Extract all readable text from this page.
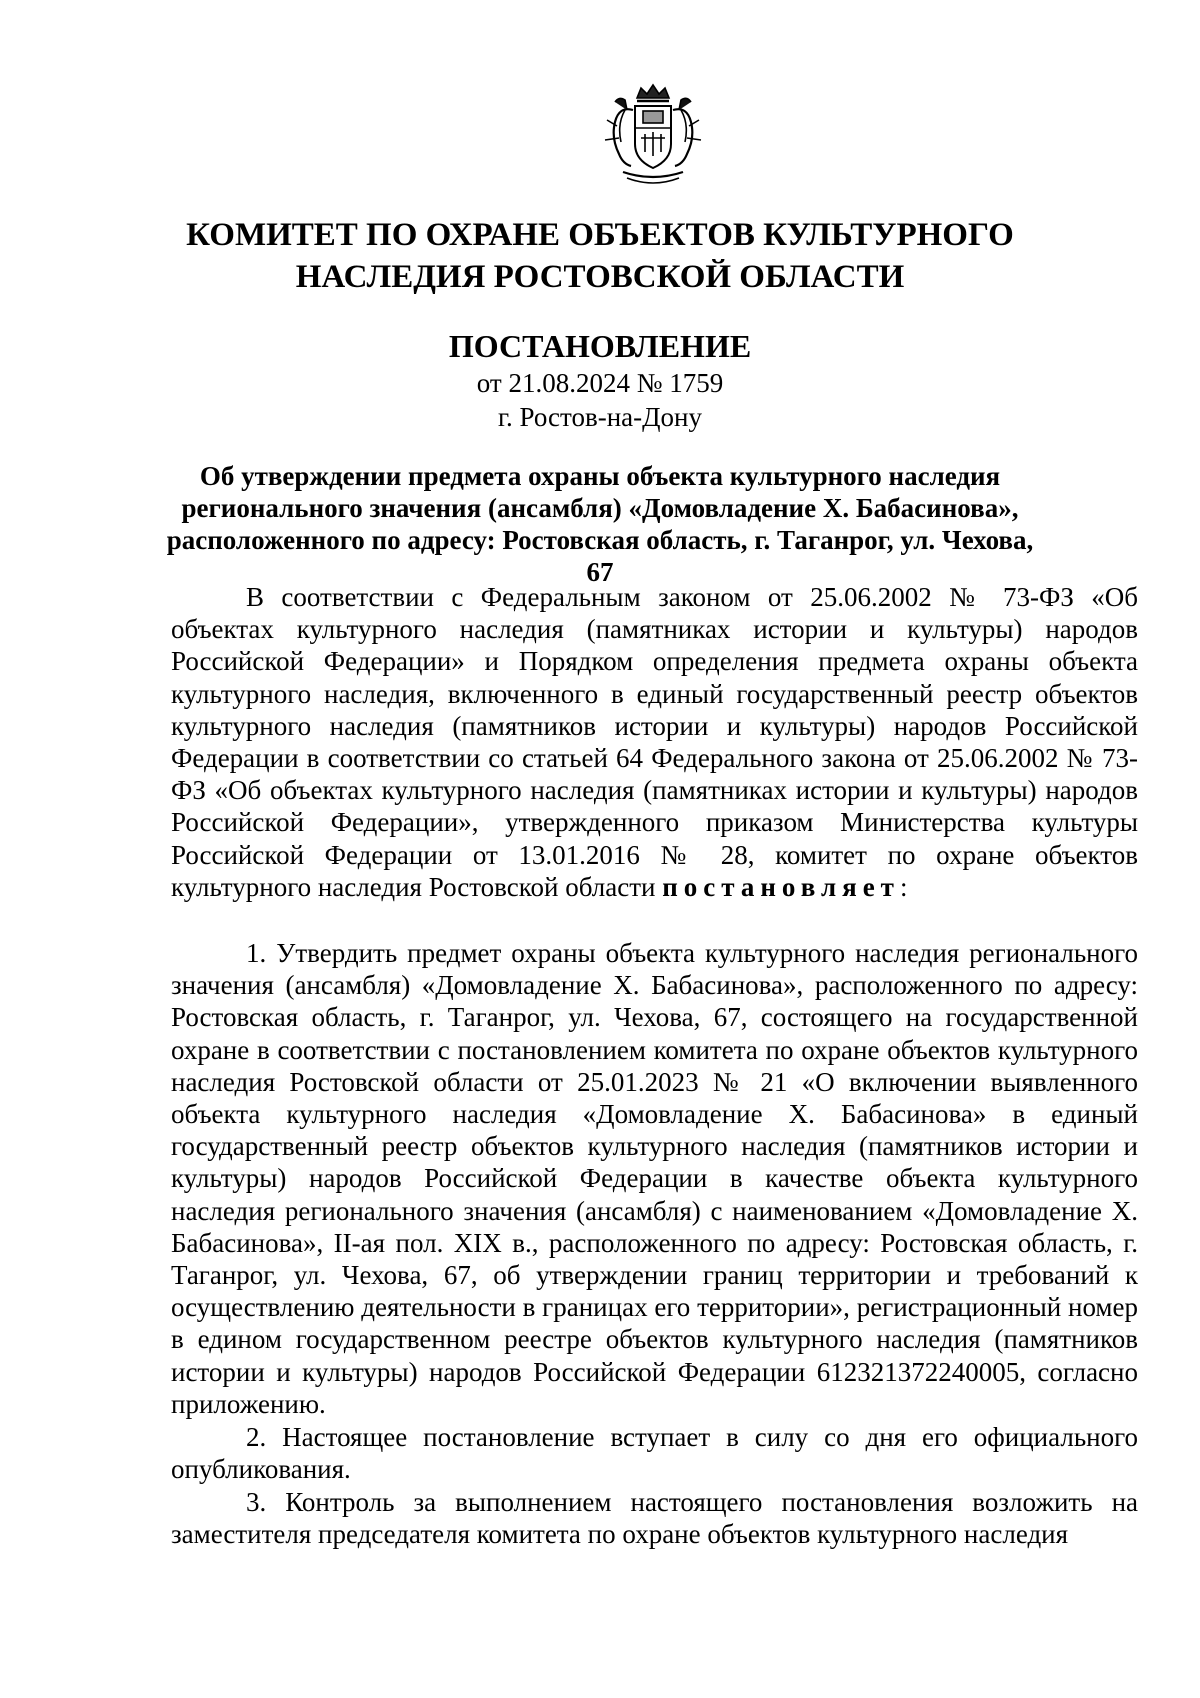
КОМИТЕТ ПО ОХРАНЕ ОБЪЕКТОВ КУЛЬТУРНОГО
НАСЛЕДИЯ РОСТОВСКОЙ ОБЛАСТИ
ПОСТАНОВЛЕНИЕ
от 21.08.2024 № 1759
г. Ростов-на-Дону
Об утверждении предмета охраны объекта культурного наследия
регионального значения (ансамбля) «Домовладение Х. Бабасинова»,
расположенного по адресу: Ростовская область, г. Таганрог, ул. Чехова, 67

В соответствии с Федеральным законом от 25.06.2002 № 73-ФЗ «Об объектах культурного наследия (памятниках истории и культуры) народов Российской Федерации» и Порядком определения предмета охраны объекта культурного наследия, включенного в единый государственный реестр объектов культурного наследия (памятников истории и культуры) народов Российской Федерации в соответствии со статьей 64 Федерального закона от 25.06.2002 № 73-ФЗ «Об объектах культурного наследия (памятниках истории и культуры) народов Российской Федерации», утвержденного приказом Министерства культуры Российской Федерации от 13.01.2016 № 28, комитет по охране объектов культурного наследия Ростовской области постановляет:

1. Утвердить предмет охраны объекта культурного наследия регионального значения (ансамбля) «Домовладение Х. Бабасинова», расположенного по адресу: Ростовская область, г. Таганрог, ул. Чехова, 67, состоящего на государственной охране в соответствии с постановлением комитета по охране объектов культурного наследия Ростовской области от 25.01.2023 № 21 «О включении выявленного объекта культурного наследия «Домовладение Х. Бабасинова» в единый государственный реестр объектов культурного наследия (памятников истории и культуры) народов Российской Федерации в качестве объекта культурного наследия регионального значения (ансамбля) с наименованием «Домовладение Х. Бабасинова», II-ая пол. XIX в., расположенного по адресу: Ростовская область, г. Таганрог, ул. Чехова, 67, об утверждении границ территории и требований к осуществлению деятельности в границах его территории», регистрационный номер в едином государственном реестре объектов культурного наследия (памятников истории и культуры) народов Российской Федерации 612321372240005, согласно приложению.

2. Настоящее постановление вступает в силу со дня его официального опубликования.

3. Контроль за выполнением настоящего постановления возложить на заместителя председателя комитета по охране объектов культурного наследия
